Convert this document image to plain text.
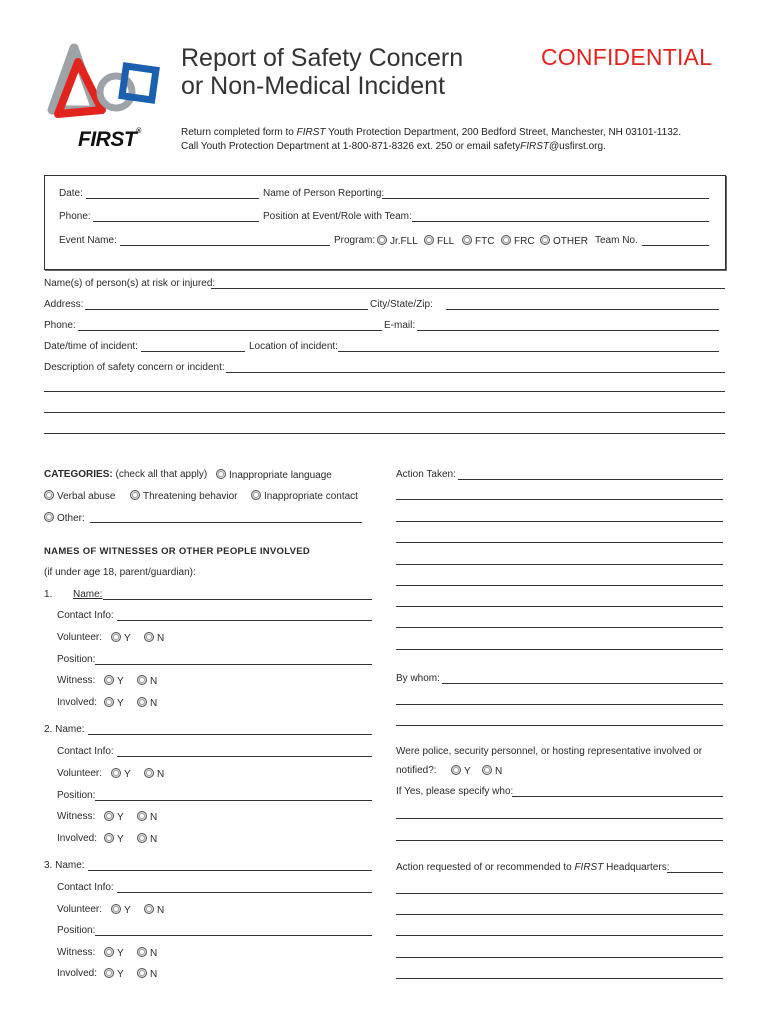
FIRST®
Report of Safety Concern
or Non-Medical Incident
CONFIDENTIAL
Return completed form to FIRST Youth Protection Department, 200 Bedford Street, Manchester, NH 03101-1132.
Call Youth Protection Department at 1-800-871-8326 ext. 250 or email safetyFIRST@usfirst.org.
Date:	Name of Person Reporting:
Phone:	Position at Event/Role with Team:
Event Name:	Program:	Jr.FLL	FLL	FTC	FRC	OTHER Team No.
Name(s) of person(s) at risk or injured:
Address:	City/State/Zip:
Phone:	E-mail:
Date/time of incident:	Location of incident:
Description of safety concern or incident:
CATEGORIES: (check all that apply)	Inappropriate language
Verbal abuse	Threatening behavior	Inappropriate contact
Other:
NAMES OF WITNESSES OR OTHER PEOPLE INVOLVED
(if under age 18, parent/guardian):
1. Name:
Contact Info:
Volunteer:	Y	N
Position:
Witness:	Y	N
Involved:	Y	N
2. Name:
Contact Info:
Volunteer:	Y	N
Position:
Witness:	Y	N
Involved:	Y	N
3. Name:
Contact Info:
Volunteer:	Y	N
Position:
Witness:	Y	N
Involved:	Y	N
Action Taken:
By whom:
Were police, security personnel, or hosting representative involved or
notified?:	Y	N
If Yes, please specify who:
Action requested of or recommended to FIRST Headquarters:
